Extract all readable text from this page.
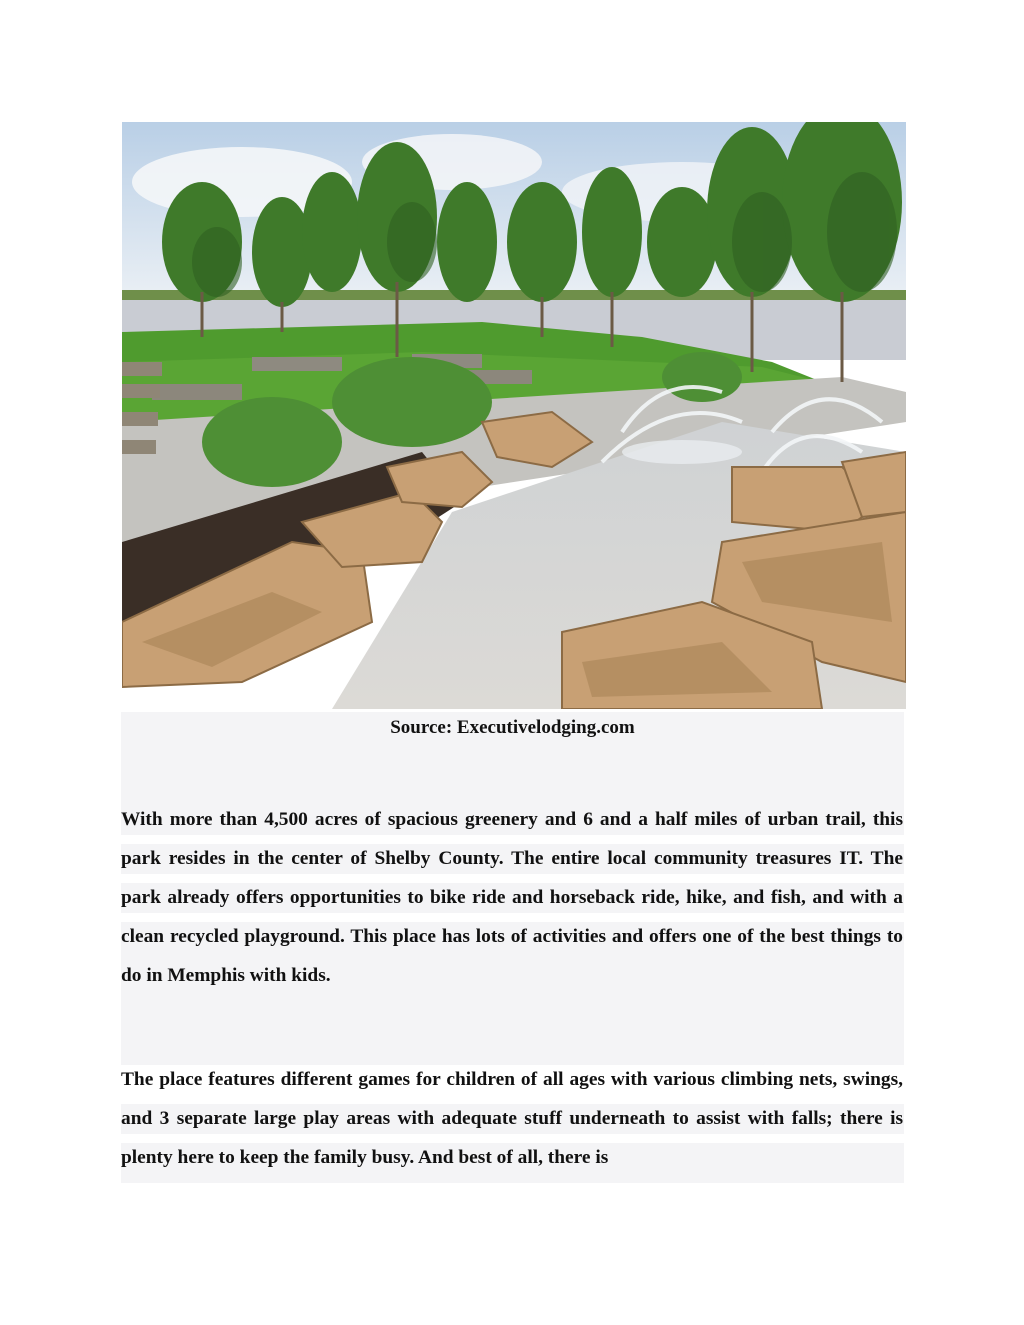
Source: Executivelodging.com

With more than 4,500 acres of spacious greenery and 6 and a half miles of urban trail, this park resides in the center of Shelby County. The entire local community treasures IT. The park already offers opportunities to bike ride and horseback ride, hike, and fish, and with a clean recycled playground. This place has lots of activities and offers one of the best things to do in Memphis with kids.

The place features different games for children of all ages with various climbing nets, swings, and 3 separate large play areas with adequate stuff underneath to assist with falls; there is plenty here to keep the family busy. And best of all, there is
